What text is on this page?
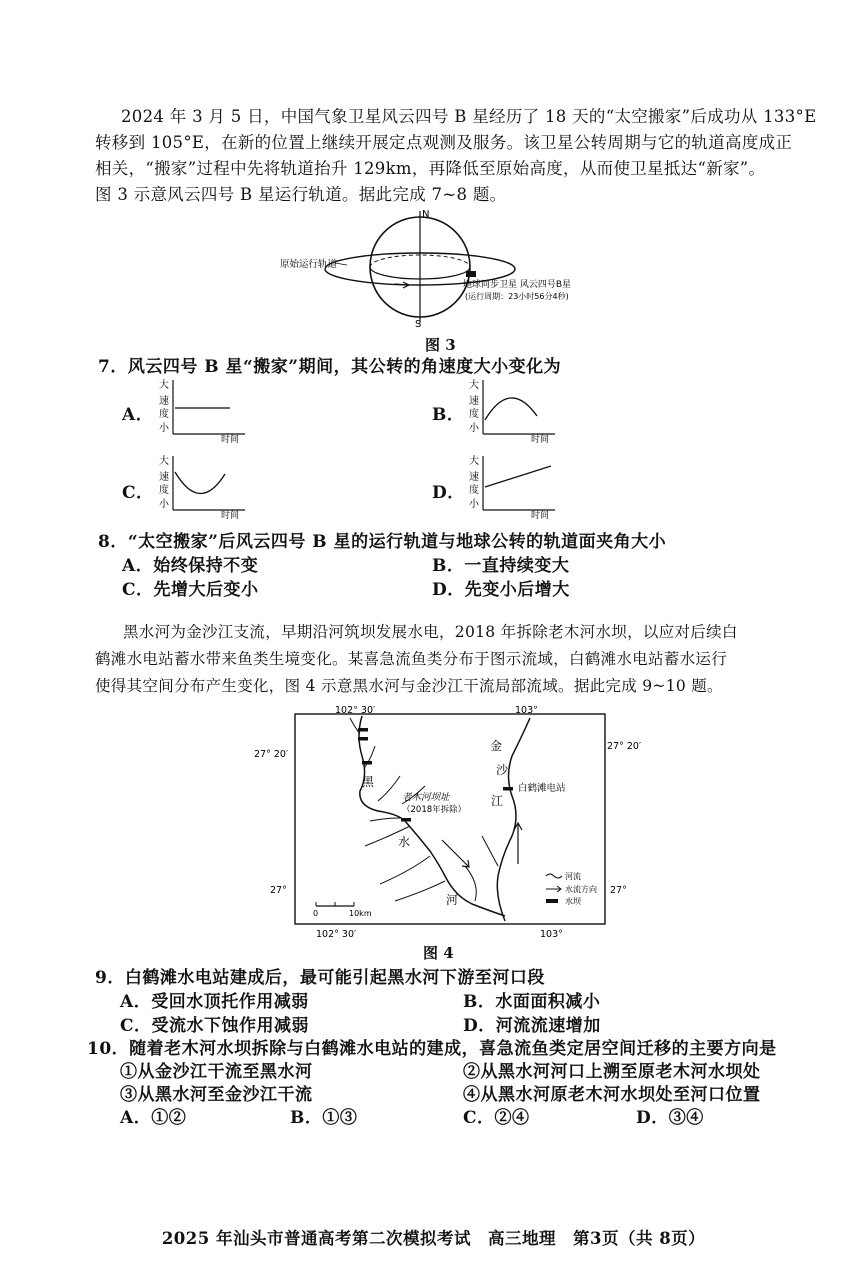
2024 年 3 月 5 日，中国气象卫星风云四号 B 星经历了 18 天的“太空搬家”后成功从 133°E
转移到 105°E，在新的位置上继续开展定点观测及服务。该卫星公转周期与它的轨道高度成正
相关，“搬家”过程中先将轨道抬升 129km，再降低至原始高度，从而使卫星抵达“新家”。
图 3 示意风云四号 B 星运行轨道。据此完成 7~8 题。
N
S
原始运行轨道
地球同步卫星 风云四号B星
(运行周期：23小时56分4秒)
图 3
7．风云四号 B 星“搬家”期间，其公转的角速度大小变化为
A．
大
速
度
小
时间
B．
大
速
度
小
时间
C．
大
速
度
小
时间
D．
大
速
度
小
时间
8．“太空搬家”后风云四号 B 星的运行轨道与地球公转的轨道面夹角大小
A．始终保持不变	B．一直持续变大
C．先增大后变小	D．先变小后增大
黑水河为金沙江支流，早期沿河筑坝发展水电，2018 年拆除老木河水坝，以应对后续白
鹤滩水电站蓄水带来鱼类生境变化。某喜急流鱼类分布于图示流域，白鹤滩水电站蓄水运行
使得其空间分布产生变化，图 4 示意黑水河与金沙江干流局部流域。据此完成 9~10 题。
102° 30′	103°
102° 30′	103°
27° 20′
27° 20′
27°	27°
金
沙
江
黑
水
河
老木河坝址
（2018年拆除）
白鹤滩电站
0	10km
河流
水流方向
水坝
图 4
9．白鹤滩水电站建成后，最可能引起黑水河下游至河口段
A．受回水顶托作用减弱	B．水面面积减小
C．受流水下蚀作用减弱	D．河流流速增加
10．随着老木河水坝拆除与白鹤滩水电站的建成，喜急流鱼类定居空间迁移的主要方向是
①从金沙江干流至黑水河	②从黑水河河口上溯至原老木河水坝处
③从黑水河至金沙江干流	④从黑水河原老木河水坝处至河口位置
A．①②	B．①③	C．②④	D．③④
2025 年汕头市普通高考第二次模拟考试　高三地理　第3页（共 8页）
